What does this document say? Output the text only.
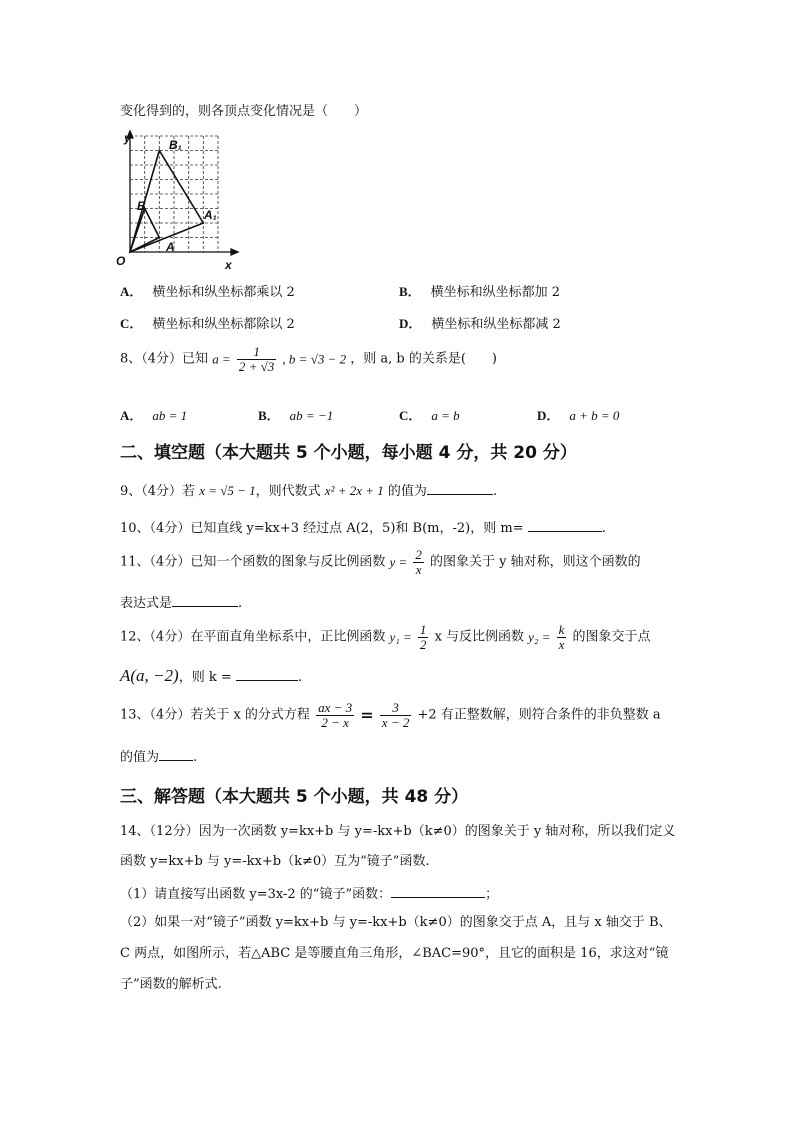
变化得到的，则各顶点变化情况是（　　）
y
x
O
B₁
B
A₁
A
A． 横坐标和纵坐标都乘以 2	B． 横坐标和纵坐标都加 2
C． 横坐标和纵坐标都除以 2	D． 横坐标和纵坐标都减 2
8、（4分）已知 $a = \frac{1}{2 + √3}$ , b = √3 − 2 ，则 a, b 的关系是(　　)
A． ab = 1	B． ab = −1	C． a = b	D． a + b = 0
二、填空题（本大题共 5 个小题，每小题 4 分，共 20 分）
9、（4分）若 x = √5 − 1，则代数式 x² + 2x + 1 的值为	.
10、（4分）已知直线 y=kx+3 经过点 A(2，5)和 B(m，-2)，则 m=	.
11、（4分）已知一个函数的图象与反比例函数 $y = \frac{2}{x}$ 的图象关于 y 轴对称，则这个函数的
表达式是	.
12、（4分）在平面直角坐标系中，正比例函数 $y_1 = \frac{1}{2}$ x 与反比例函数 $y_2 = \frac{k}{x}$ 的图象交于点
A(a, −2)，则 k =	.
13、（4分）若关于 x 的分式方程 $\frac{ax - 3}{2 - x} = \frac{3}{x - 2} +2$ 有正整数解，则符合条件的非负整数 a
的值为	.
三、解答题（本大题共 5 个小题，共 48 分）
14、（12分）因为一次函数 y=kx+b 与 y=-kx+b（k≠0）的图象关于 y 轴对称，所以我们定义
函数 y=kx+b 与 y=-kx+b（k≠0）互为“镜子”函数.
（1）请直接写出函数 y=3x-2 的“镜子”函数：	；
（2）如果一对“镜子”函数 y=kx+b 与 y=-kx+b（k≠0）的图象交于点 A，且与 x 轴交于 B、
C 两点，如图所示，若△ABC 是等腰直角三角形，∠BAC=90°，且它的面积是 16，求这对“镜
子”函数的解析式.
